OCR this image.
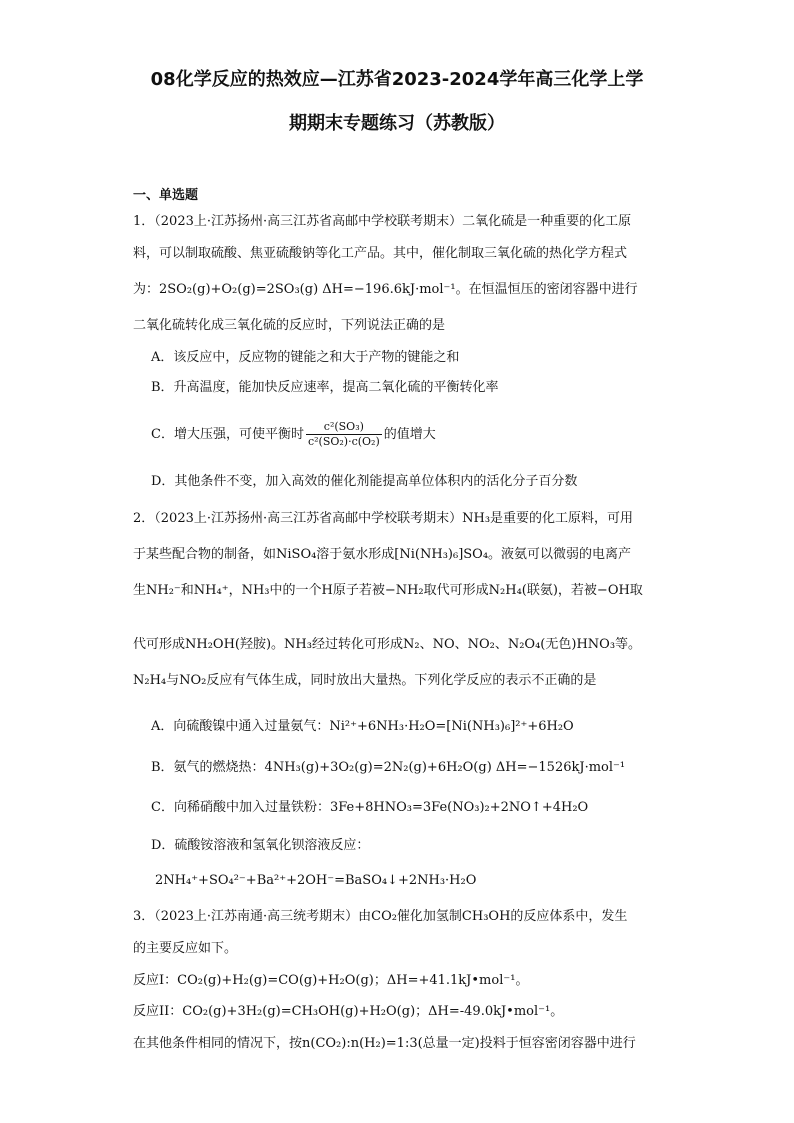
08化学反应的热效应—江苏省2023-2024学年高三化学上学
期期末专题练习（苏教版）
一、单选题
1．（2023上·江苏扬州·高三江苏省高邮中学校联考期末）二氧化硫是一种重要的化工原
料，可以制取硫酸、焦亚硫酸钠等化工产品。其中，催化制取三氧化硫的热化学方程式
为：2SO₂(g)+O₂(g)=2SO₃(g) ΔH=−196.6kJ·mol⁻¹。在恒温恒压的密闭容器中进行
二氧化硫转化成三氧化硫的反应时，下列说法正确的是
A．该反应中，反应物的键能之和大于产物的键能之和
B．升高温度，能加快反应速率，提高二氧化硫的平衡转化率
C．增大压强，可使平衡时 $\frac{\text{c²(SO₃)}}{\text{c²(SO₂)·c(O₂)}}$ 的值增大
D．其他条件不变，加入高效的催化剂能提高单位体积内的活化分子百分数
2．（2023上·江苏扬州·高三江苏省高邮中学校联考期末）NH₃是重要的化工原料，可用
于某些配合物的制备，如NiSO₄溶于氨水形成[Ni(NH₃)₆]SO₄。液氨可以微弱的电离产
生NH₂⁻和NH₄⁺，NH₃中的一个H原子若被−NH₂取代可形成N₂H₄(联氨)，若被−OH取
代可形成NH₂OH(羟胺)。NH₃经过转化可形成N₂、NO、NO₂、N₂O₄(无色)HNO₃等。
N₂H₄与NO₂反应有气体生成，同时放出大量热。下列化学反应的表示不正确的是
A．向硫酸镍中通入过量氨气：Ni²⁺+6NH₃·H₂O=[Ni(NH₃)₆]²⁺+6H₂O
B．氨气的燃烧热：4NH₃(g)+3O₂(g)=2N₂(g)+6H₂O(g) ΔH=−1526kJ·mol⁻¹
C．向稀硝酸中加入过量铁粉：3Fe+8HNO₃=3Fe(NO₃)₂+2NO↑+4H₂O
D．硫酸铵溶液和氢氧化钡溶液反应：
2NH₄⁺+SO₄²⁻+Ba²⁺+2OH⁻=BaSO₄↓+2NH₃·H₂O
3．（2023上·江苏南通·高三统考期末）由CO₂催化加氢制CH₃OH的反应体系中，发生
的主要反应如下。
反应I：CO₂(g)+H₂(g)=CO(g)+H₂O(g)；ΔH=+41.1kJ•mol⁻¹。
反应II：CO₂(g)+3H₂(g)=CH₃OH(g)+H₂O(g)；ΔH=-49.0kJ•mol⁻¹。
在其他条件相同的情况下，按n(CO₂):n(H₂)=1:3(总量一定)投料于恒容密闭容器中进行
